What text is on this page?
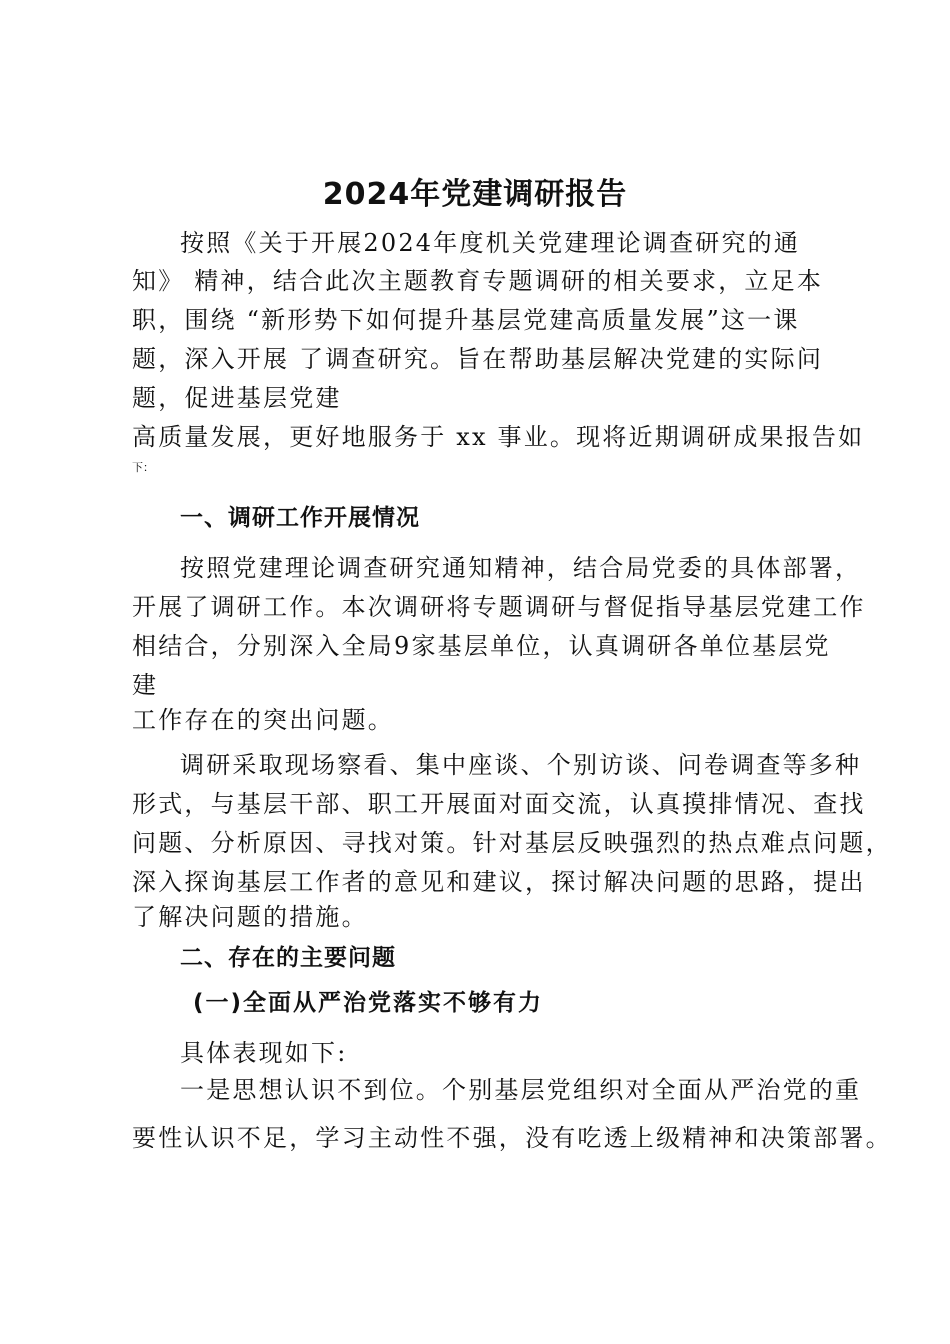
2024年党建调研报告
按照《关于开展2024年度机关党建理论调查研究的通
知》 精神，结合此次主题教育专题调研的相关要求，立足本
职，围绕 “新形势下如何提升基层党建高质量发展”这一课
题，深入开展 了调查研究。旨在帮助基层解决党建的实际问
题，促进基层党建
高质量发展，更好地服务于 xx 事业。现将近期调研成果报告如
下：
一、调研工作开展情况
按照党建理论调查研究通知精神，结合局党委的具体部署，
开展了调研工作。本次调研将专题调研与督促指导基层党建工作
相结合，分别深入全局9家基层单位，认真调研各单位基层党
建
工作存在的突出问题。
调研采取现场察看、集中座谈、个别访谈、问卷调查等多种
形式，与基层干部、职工开展面对面交流，认真摸排情况、查找
问题、分析原因、寻找对策。针对基层反映强烈的热点难点问题，
深入探询基层工作者的意见和建议，探讨解决问题的思路，提出
了解决问题的措施。
二、存在的主要问题
(一)全面从严治党落实不够有力
具体表现如下:
一是思想认识不到位。个别基层党组织对全面从严治党的重
要性认识不足，学习主动性不强，没有吃透上级精神和决策部署。
